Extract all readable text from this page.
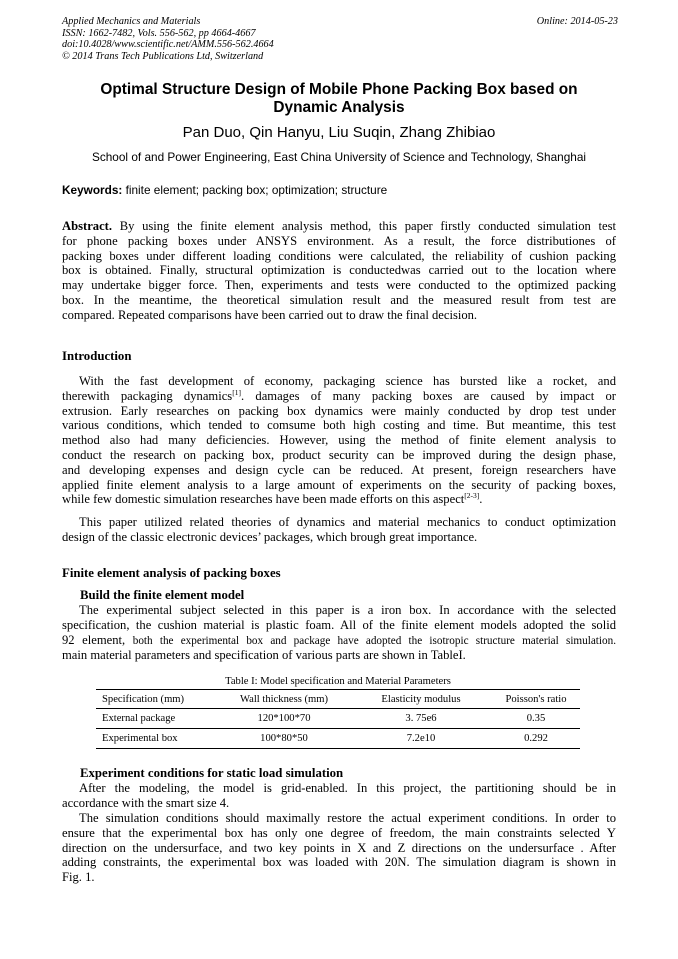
Applied Mechanics and Materials
ISSN: 1662-7482, Vols. 556-562, pp 4664-4667
doi:10.4028/www.scientific.net/AMM.556-562.4664
© 2014 Trans Tech Publications Ltd, Switzerland
Online: 2014-05-23
Optimal Structure Design of Mobile Phone Packing Box based on
Dynamic Analysis
Pan Duo, Qin Hanyu, Liu Suqin, Zhang Zhibiao
School of and Power Engineering, East China University of Science and Technology, Shanghai
Keywords: finite element; packing box; optimization; structure
Abstract. By using the finite element analysis method, this paper firstly conducted simulation test
for phone packing boxes under ANSYS environment. As a result, the force distributiones of
packing boxes under different loading conditions were calculated, the reliability of cushion packing
box is obtained. Finally, structural optimization is conductedwas carried out to the location where
may undertake bigger force. Then, experiments and tests were conducted to the optimized packing
box. In the meantime, the theoretical simulation result and the measured result from test are
compared. Repeated comparisons have been carried out to draw the final decision.
Introduction
With the fast development of economy, packaging science has bursted like a rocket, and
therewith packaging dynamics[1]. damages of many packing boxes are caused by impact or
extrusion. Early researches on packing box dynamics were mainly conducted by drop test under
various conditions, which tended to comsume both high costing and time. But meantime, this test
method also had many deficiencies. However, using the method of finite element analysis to
conduct the research on packing box, product security can be improved during the design phase,
and developing expenses and design cycle can be reduced. At present, foreign researchers have
applied finite element analysis to a large amount of experiments on the security of packing boxes,
while few domestic simulation researches have been made efforts on this aspect[2-3].
This paper utilized related theories of dynamics and material mechanics to conduct optimization
design of the classic electronic devices’ packages, which brough great importance.
Finite element analysis of packing boxes
Build the finite element model
The experimental subject selected in this paper is a iron box. In accordance with the selected
specification, the cushion material is plastic foam. All of the finite element models adopted the solid
92 element, both the experimental box and package have adopted the isotropic structure material simulation.
main material parameters and specification of various parts are shown in TableI.
Table I: Model specification and Material Parameters
Specification (mm)	Wall thickness (mm)	Elasticity modulus	Poisson's ratio
External package	120*100*70	3. 75e6	0.35
Experimental box	100*80*50	7.2e10	0.292
Experiment conditions for static load simulation
After the modeling, the model is grid-enabled. In this project, the partitioning should be in
accordance with the smart size 4.
The simulation conditions should maximally restore the actual experiment conditions. In order to
ensure that the experimental box has only one degree of freedom, the main constraints selected Y
direction on the undersurface, and two key points in X and Z directions on the undersurface . After
adding constraints, the experimental box was loaded with 20N. The simulation diagram is shown in
Fig. 1.
